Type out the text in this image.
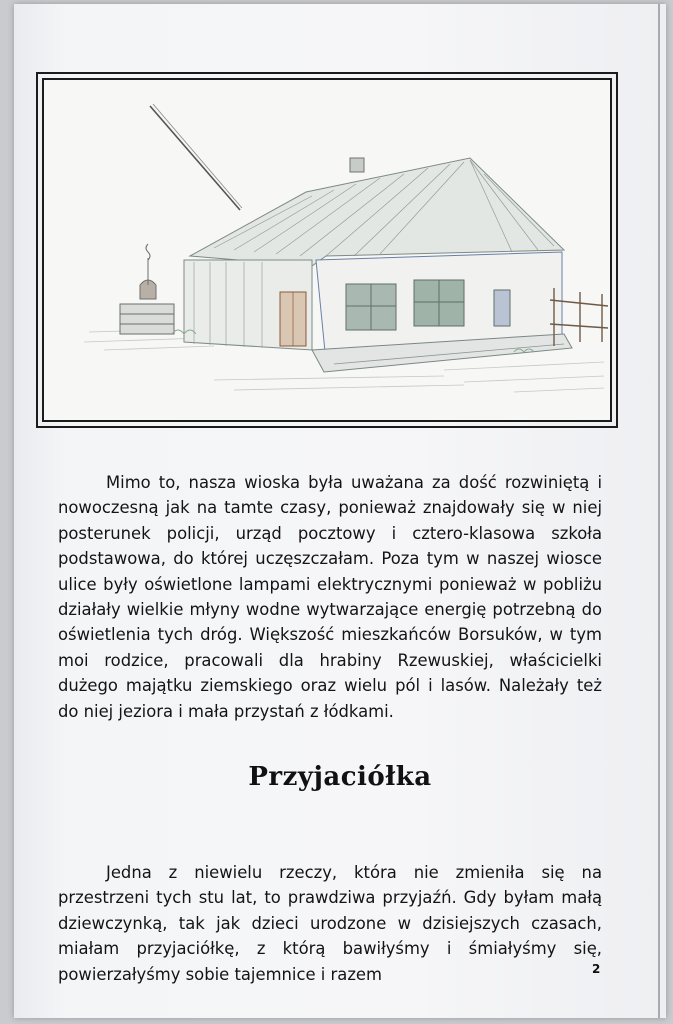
Mimo to, nasza wioska była uważana za dość rozwiniętą i nowoczesną jak na tamte czasy, ponieważ znajdowały się w niej posterunek policji, urząd pocztowy i cztero-klasowa szkoła podstawowa, do której uczęszczałam. Poza tym w naszej wiosce ulice były oświetlone lampami elektrycznymi ponieważ w pobliżu działały wielkie młyny wodne wytwarzające energię potrzebną do oświetlenia tych dróg. Większość mieszkańców Borsuków, w tym moi rodzice, pracowali dla hrabiny Rzewuskiej, właścicielki dużego majątku ziemskiego oraz wielu pól i lasów. Należały też do niej jeziora i mała przystań z łódkami.

Przyjaciółka

Jedna z niewielu rzeczy, która nie zmieniła się na przestrzeni tych stu lat, to prawdziwa przyjaźń. Gdy byłam małą dziewczynką, tak jak dzieci urodzone w dzisiejszych czasach, miałam przyjaciółkę, z którą bawiłyśmy i śmiałyśmy się, powierzałyśmy sobie tajemnice i razem	2
